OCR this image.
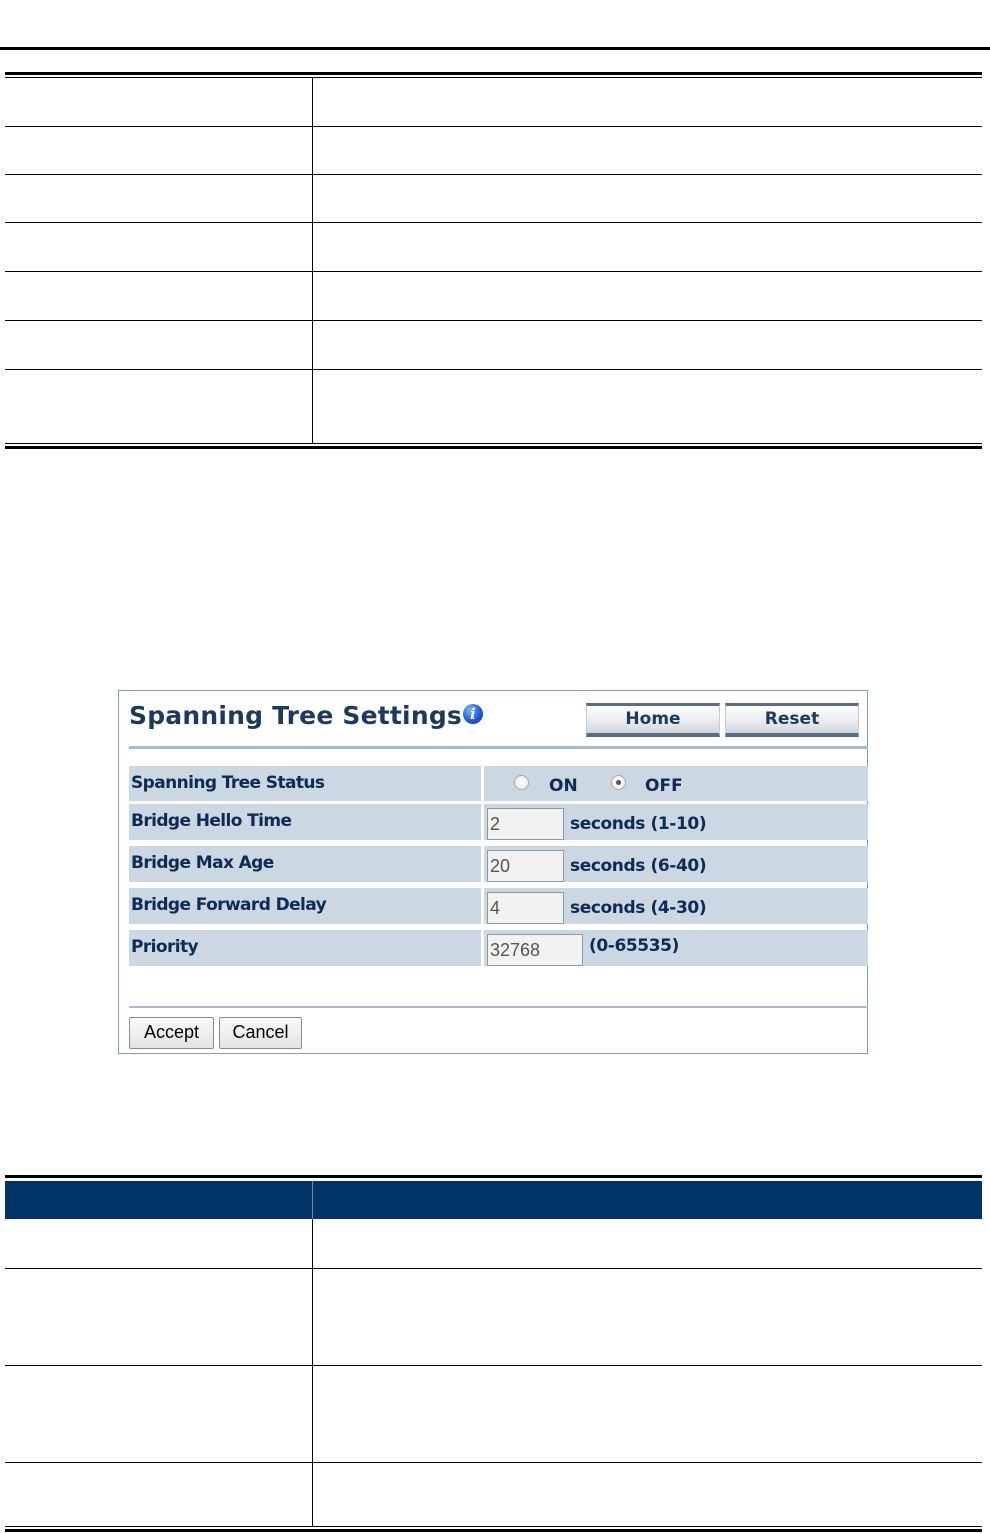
Spanning Tree Settings i	Home	Reset
Spanning Tree Status	ON	OFF
Bridge Hello Time	2	seconds (1-10)
Bridge Max Age	20	seconds (6-40)
Bridge Forward Delay	4	seconds (4-30)
Priority	32768	(0-65535)
Accept	Cancel
